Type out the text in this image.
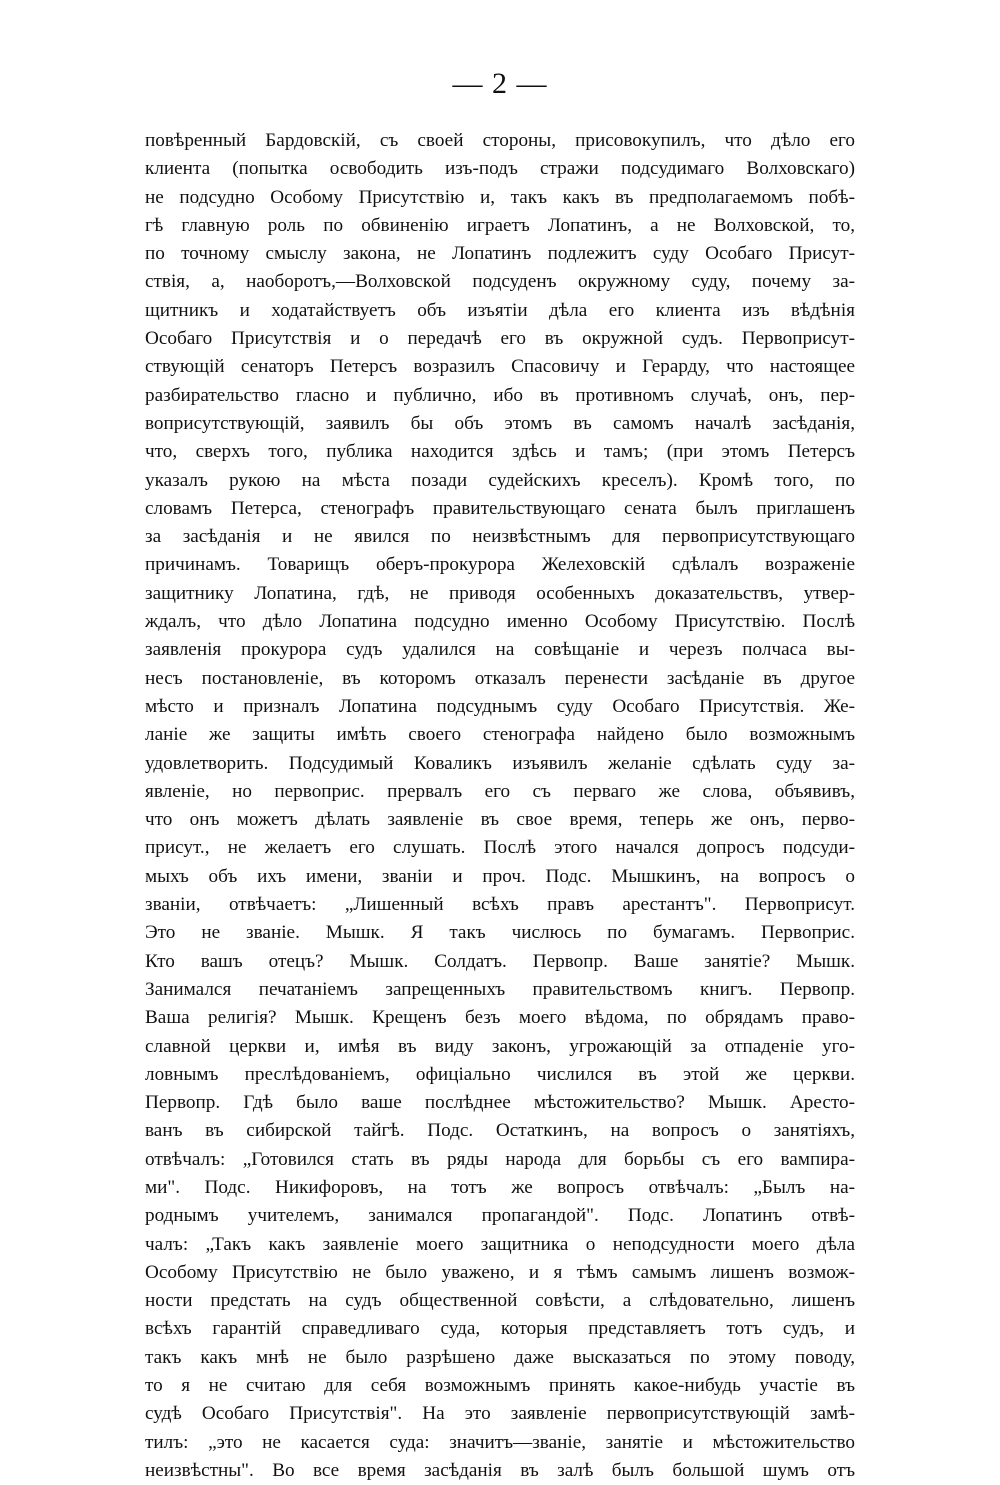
— 2 —
повѣренный Бардовскій, съ своей стороны, присовокупилъ, что дѣло его
клиента (попытка освободить изъ-подъ стражи подсудимаго Волховскаго)
не подсудно Особому Присутствію и, такъ какъ въ предполагаемомъ побѣ-
гѣ главную роль по обвиненію играетъ Лопатинъ, а не Волховской, то,
по точному смыслу закона, не Лопатинъ подлежитъ суду Особаго Присут-
ствія, а, наоборотъ,—Волховской подсуденъ окружному суду, почему за-
щитникъ и ходатайствуетъ объ изъятіи дѣла его клиента изъ вѣдѣнія
Особаго Присутствія и о передачѣ его въ окружной судъ. Первоприсут-
ствующій сенаторъ Петерсъ возразилъ Спасовичу и Герарду, что настоящее
разбирательство гласно и публично, ибо въ противномъ случаѣ, онъ, пер-
воприсутствующій, заявилъ бы объ этомъ въ самомъ началѣ засѣданія,
что, сверхъ того, публика находится здѣсь и тамъ; (при этомъ Петерсъ
указалъ рукою на мѣста позади судейскихъ креселъ). Кромѣ того, по
словамъ Петерса, стенографъ правительствующаго сената былъ приглашенъ
за засѣданія и не явился по неизвѣстнымъ для первоприсутствующаго
причинамъ. Товарищъ оберъ-прокурора Желеховскій сдѣлалъ возраженіе
защитнику Лопатина, гдѣ, не приводя особенныхъ доказательствъ, утвер-
ждалъ, что дѣло Лопатина подсудно именно Особому Присутствію. Послѣ
заявленія прокурора судъ удалился на совѣщаніе и черезъ полчаса вы-
несъ постановленіе, въ которомъ отказалъ перенести засѣданіе въ другое
мѣсто и призналъ Лопатина подсуднымъ суду Особаго Присутствія. Же-
ланіе же защиты имѣть своего стенографа найдено было возможнымъ
удовлетворить. Подсудимый Коваликъ изъявилъ желаніе сдѣлать суду за-
явленіе, но первоприс. прервалъ его съ перваго же слова, объявивъ,
что онъ можетъ дѣлать заявленіе въ свое время, теперь же онъ, перво-
присут., не желаетъ его слушать. Послѣ этого начался допросъ подсуди-
мыхъ объ ихъ имени, званіи и проч. Подс. Мышкинъ, на вопросъ о
званіи, отвѣчаетъ: „Лишенный всѣхъ правъ арестантъ". Первоприсут.
Это не званіе. Мышк. Я такъ числюсь по бумагамъ. Первоприс.
Кто вашъ отецъ? Мышк. Солдатъ. Первопр. Ваше занятіе? Мышк.
Занимался печатаніемъ запрещенныхъ правительствомъ книгъ. Первопр.
Ваша религія? Мышк. Крещенъ безъ моего вѣдома, по обрядамъ право-
славной церкви и, имѣя въ виду законъ, угрожающій за отпаденіе уго-
ловнымъ преслѣдованіемъ, офиціально числился въ этой же церкви.
Первопр. Гдѣ было ваше послѣднее мѣстожительство? Мышк. Аресто-
ванъ въ сибирской тайгѣ. Подс. Остаткинъ, на вопросъ о занятіяхъ,
отвѣчалъ: „Готовился стать въ ряды народа для борьбы съ его вампира-
ми". Подс. Никифоровъ, на тотъ же вопросъ отвѣчалъ: „Былъ на-
роднымъ учителемъ, занимался пропагандой". Подс. Лопатинъ отвѣ-
чалъ: „Такъ какъ заявленіе моего защитника о неподсудности моего дѣла
Особому Присутствію не было уважено, и я тѣмъ самымъ лишенъ возмож-
ности предстать на судъ общественной совѣсти, а слѣдовательно, лишенъ
всѣхъ гарантій справедливаго суда, которыя представляетъ тотъ судъ, и
такъ какъ мнѣ не было разрѣшено даже высказаться по этому поводу,
то я не считаю для себя возможнымъ принять какое-нибудь участіе въ
судѣ Особаго Присутствія". На это заявленіе первоприсутствующій замѣ-
тилъ: „это не касается суда: значитъ—званіе, занятіе и мѣстожительство
неизвѣстны". Во все время засѣданія въ залѣ былъ большой шумъ отъ
